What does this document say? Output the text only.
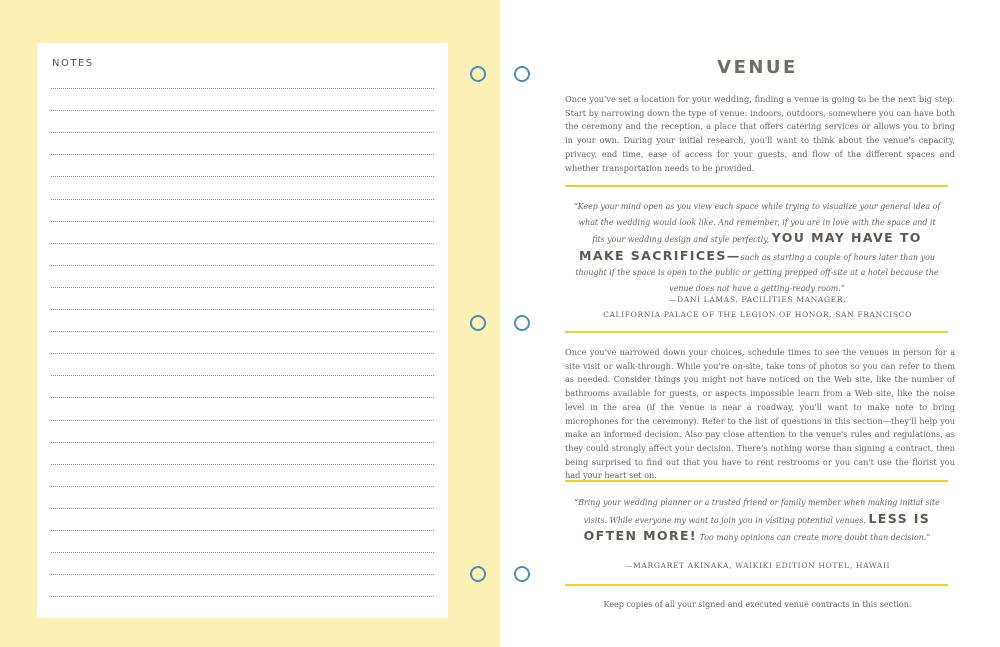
NOTES	VENUE

Once you've set a location for your wedding, finding a venue is going to be the next big step. Start by narrowing down the type of venue: indoors, outdoors, somewhere you can have both the ceremony and the reception, a place that offers catering services or allows you to bring in your own. During your initial research, you'll want to think about the venue's capacity, privacy, end time, ease of access for your guests, and flow of the different spaces and whether transportation needs to be provided.

“Keep your mind open as you view each space while trying to visualize your general idea of what the wedding would look like. And remember, if you are in love with the space and it fits your wedding design and style perfectly, YOU MAY HAVE TO MAKE SACRIFICES—such as starting a couple of hours later than you thought if the space is open to the public or getting prepped off-site at a hotel because the venue does not have a getting-ready room.”

—DANI LAMAS, FACILITIES MANAGER,
CALIFORNIA PALACE OF THE LEGION OF HONOR, SAN FRANCISCO

Once you've narrowed down your choices, schedule times to see the venues in person for a site visit or walk-through. While you're on-site, take tons of photos so you can refer to them as needed. Consider things you might not have noticed on the Web site, like the number of bathrooms available for guests, or aspects impossible learn from a Web site, like the noise level in the area (if the venue is near a roadway, you'll want to make note to bring microphones for the ceremony). Refer to the list of questions in this section—they'll help you make an informed decision. Also pay close attention to the venue's rules and regulations, as they could strongly affect your decision. There's nothing worse than signing a contract, then being surprised to find out that you have to rent restrooms or you can't use the florist you had your heart set on.

“Bring your wedding planner or a trusted friend or family member when making initial site visits. While everyone my want to join you in visiting potential venues, LESS IS OFTEN MORE! Too many opinions can create more doubt than decision.”

—MARGARET AKINAKA, WAIKIKI EDITION HOTEL, HAWAII

Keep copies of all your signed and executed venue contracts in this section.
